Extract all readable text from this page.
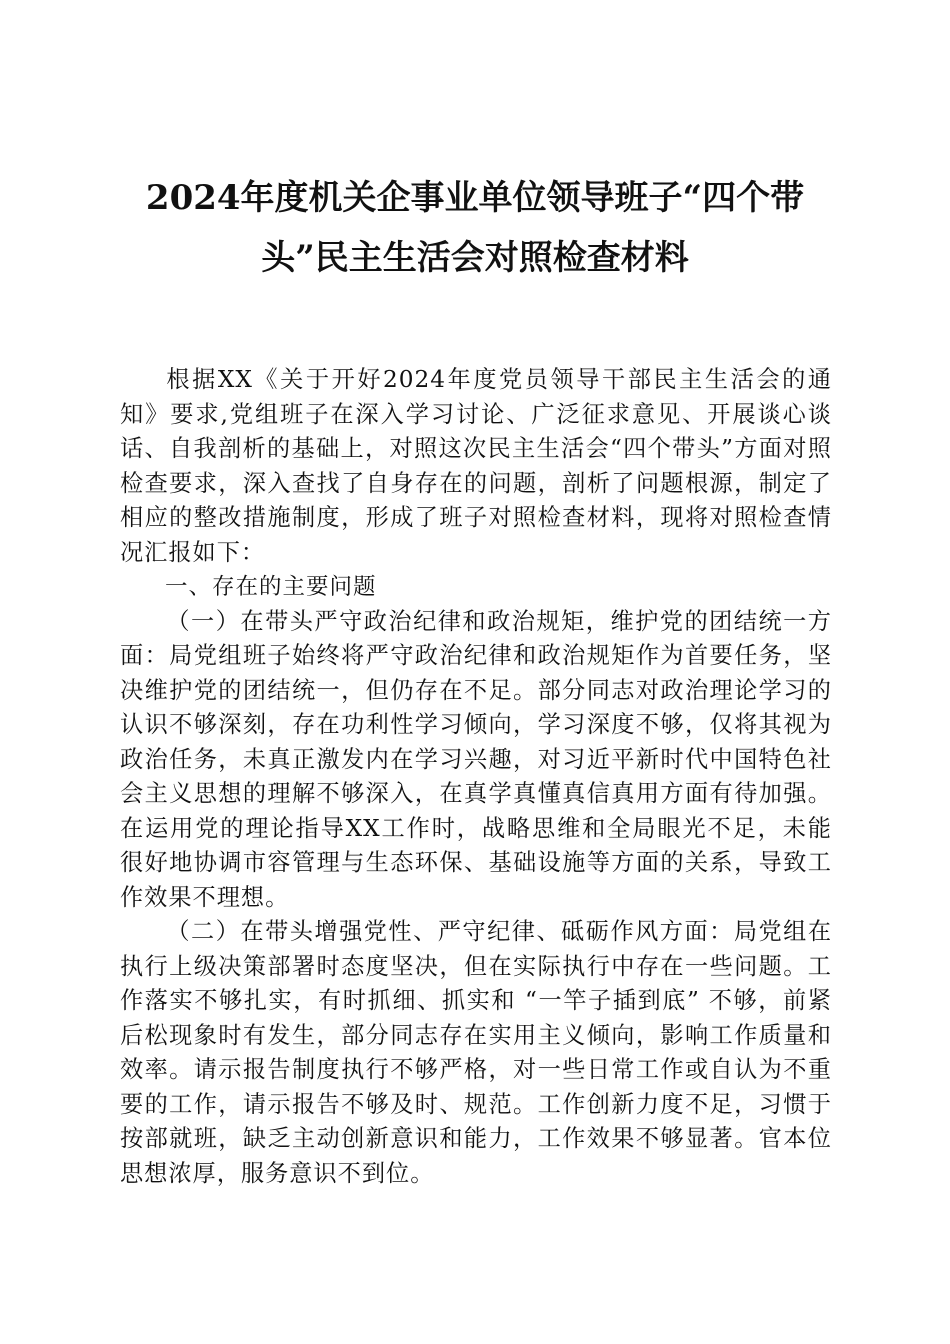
2024年度机关企事业单位领导班子“四个带
头”民主生活会对照检查材料

根据XX《关于开好2024年度党员领导干部民主生活会的通知》要求,党组班子在深入学习讨论、广泛征求意见、开展谈心谈话、自我剖析的基础上，对照这次民主生活会“四个带头”方面对照检查要求，深入查找了自身存在的问题，剖析了问题根源，制定了相应的整改措施制度，形成了班子对照检查材料，现将对照检查情况汇报如下：

一、存在的主要问题

（一）在带头严守政治纪律和政治规矩，维护党的团结统一方面：局党组班子始终将严守政治纪律和政治规矩作为首要任务，坚决维护党的团结统一，但仍存在不足。部分同志对政治理论学习的认识不够深刻，存在功利性学习倾向，学习深度不够，仅将其视为政治任务，未真正激发内在学习兴趣，对习近平新时代中国特色社会主义思想的理解不够深入，在真学真懂真信真用方面有待加强。在运用党的理论指导XX工作时，战略思维和全局眼光不足，未能很好地协调市容管理与生态环保、基础设施等方面的关系，导致工作效果不理想。

（二）在带头增强党性、严守纪律、砥砺作风方面：局党组在执行上级决策部署时态度坚决，但在实际执行中存在一些问题。工作落实不够扎实，有时抓细、抓实和 “一竿子插到底” 不够，前紧后松现象时有发生，部分同志存在实用主义倾向，影响工作质量和效率。请示报告制度执行不够严格，对一些日常工作或自认为不重要的工作，请示报告不够及时、规范。工作创新力度不足，习惯于按部就班，缺乏主动创新意识和能力，工作效果不够显著。官本位思想浓厚，服务意识不到位。
